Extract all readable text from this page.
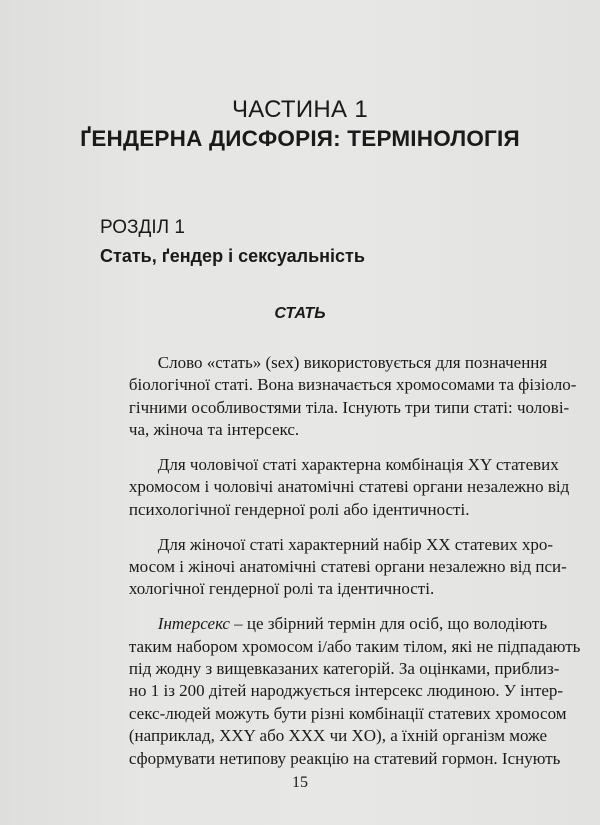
ЧАСТИНА 1
ҐЕНДЕРНА ДИСФОРІЯ: ТЕРМІНОЛОГІЯ
РОЗДІЛ 1
Стать, ґендер і сексуальність
СТАТЬ

Слово «стать» (sex) використовується для позначення
біологічної статі. Вона визначається хромосомами та фізіоло-
гічними особливостями тіла. Існують три типи статі: чолові-
ча, жіноча та інтерсекс.

Для чоловічої статі характерна комбінація XY статевих
хромосом і чоловічі анатомічні статеві органи незалежно від
психологічної гендерної ролі або ідентичності.

Для жіночої статі характерний набір XX статевих хро-
мосом і жіночі анатомічні статеві органи незалежно від пси-
хологічної гендерної ролі та ідентичності.

Інтерсекс – це збірний термін для осіб, що володіють
таким набором хромосом і/або таким тілом, які не підпадають
під жодну з вищевказаних категорій. За оцінками, приблиз-
но 1 із 200 дітей народжується інтерсекс людиною. У інтер-
секс-людей можуть бути різні комбінації статевих хромосом
(наприклад, XXY або XXX чи XO), а їхній організм може
сформувати нетипову реакцію на статевий гормон. Існують

15
